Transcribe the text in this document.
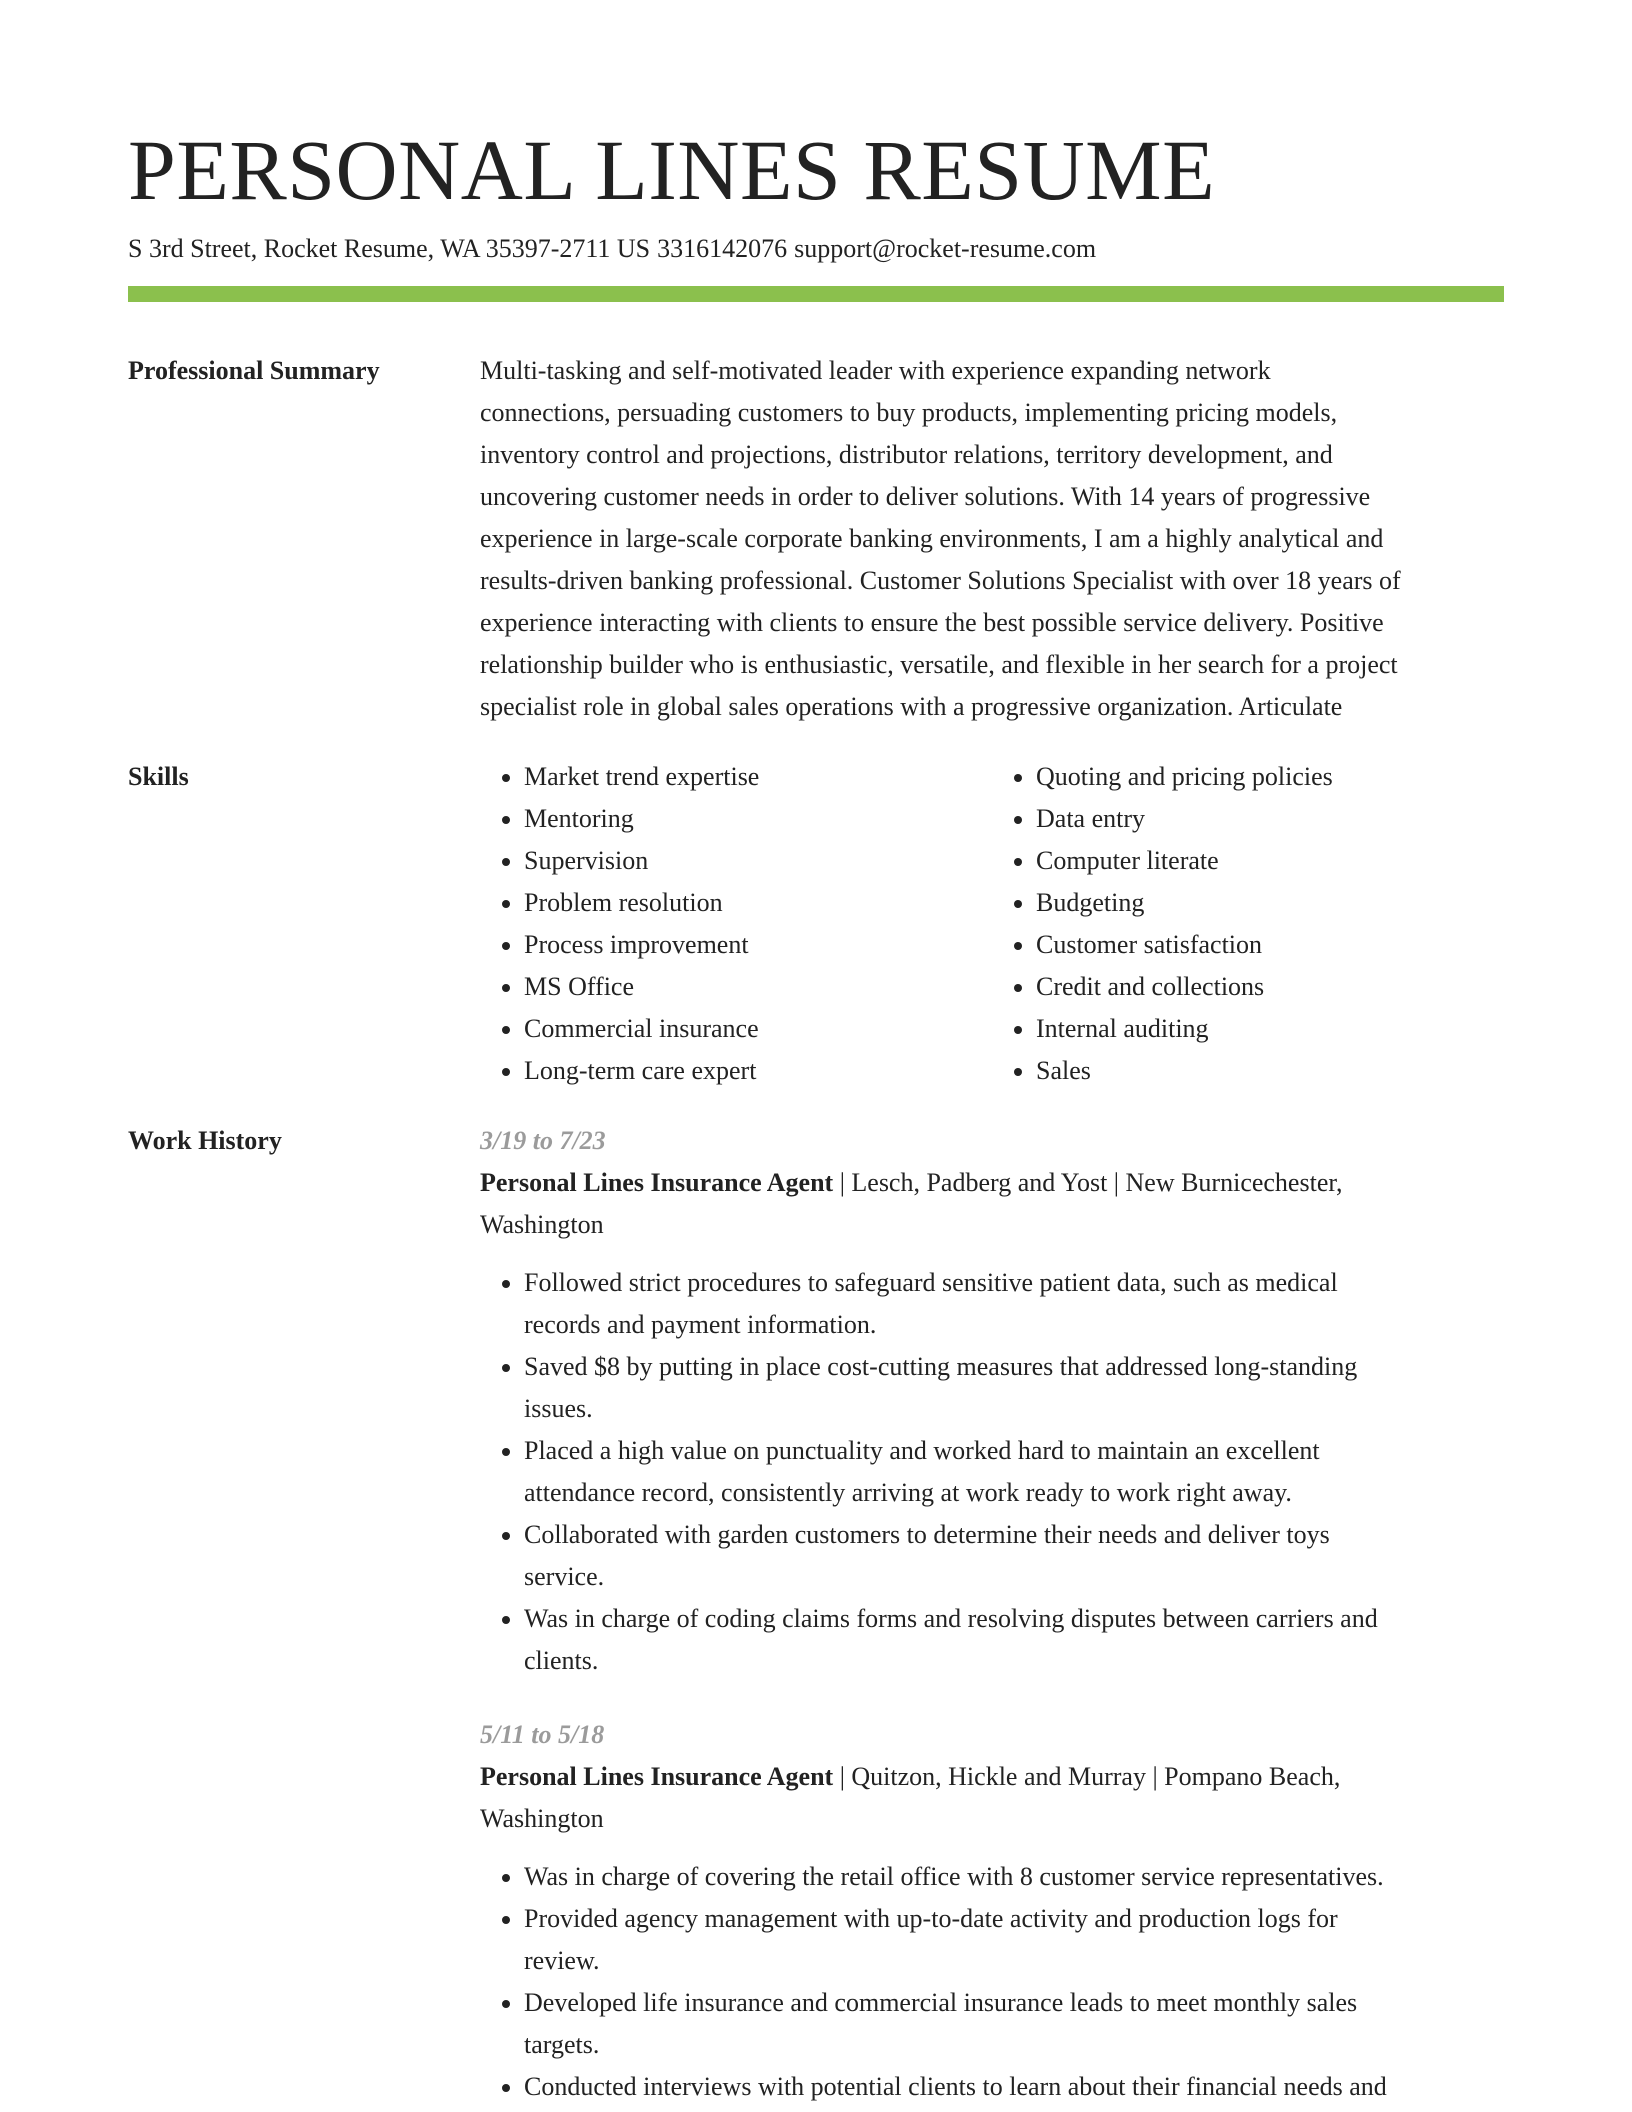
PERSONAL LINES RESUME
S 3rd Street, Rocket Resume, WA 35397-2711 US 3316142076 support@rocket-resume.com
Professional Summary	Multi-tasking and self-motivated leader with experience expanding network
connections, persuading customers to buy products, implementing pricing models,
inventory control and projections, distributor relations, territory development, and
uncovering customer needs in order to deliver solutions. With 14 years of progressive
experience in large-scale corporate banking environments, I am a highly analytical and
results-driven banking professional. Customer Solutions Specialist with over 18 years of
experience interacting with clients to ensure the best possible service delivery. Positive
relationship builder who is enthusiastic, versatile, and flexible in her search for a project
specialist role in global sales operations with a progressive organization. Articulate
Skills
•	Market trend expertise
• Mentoring
• Supervision
• Problem resolution
• Process improvement
• MS Office
• Commercial insurance
• Long-term care expert
• Quoting and pricing policies
• Data entry
• Computer literate
• Budgeting
• Customer satisfaction
• Credit and collections
• Internal auditing
• Sales
Work History	3/19 to 7/23
Personal Lines Insurance Agent | Lesch, Padberg and Yost | New Burnicechester,
Washington
• Followed strict procedures to safeguard sensitive patient data, such as medical
records and payment information.
• Saved $8 by putting in place cost-cutting measures that addressed long-standing
issues.
• Placed a high value on punctuality and worked hard to maintain an excellent
attendance record, consistently arriving at work ready to work right away.
• Collaborated with garden customers to determine their needs and deliver toys
service.
• Was in charge of coding claims forms and resolving disputes between carriers and
clients.
5/11 to 5/18
Personal Lines Insurance Agent | Quitzon, Hickle and Murray | Pompano Beach,
Washington
• Was in charge of covering the retail office with 8 customer service representatives.
• Provided agency management with up-to-date activity and production logs for
review.
• Developed life insurance and commercial insurance leads to meet monthly sales
targets.
• Conducted interviews with potential clients to learn about their financial needs and
